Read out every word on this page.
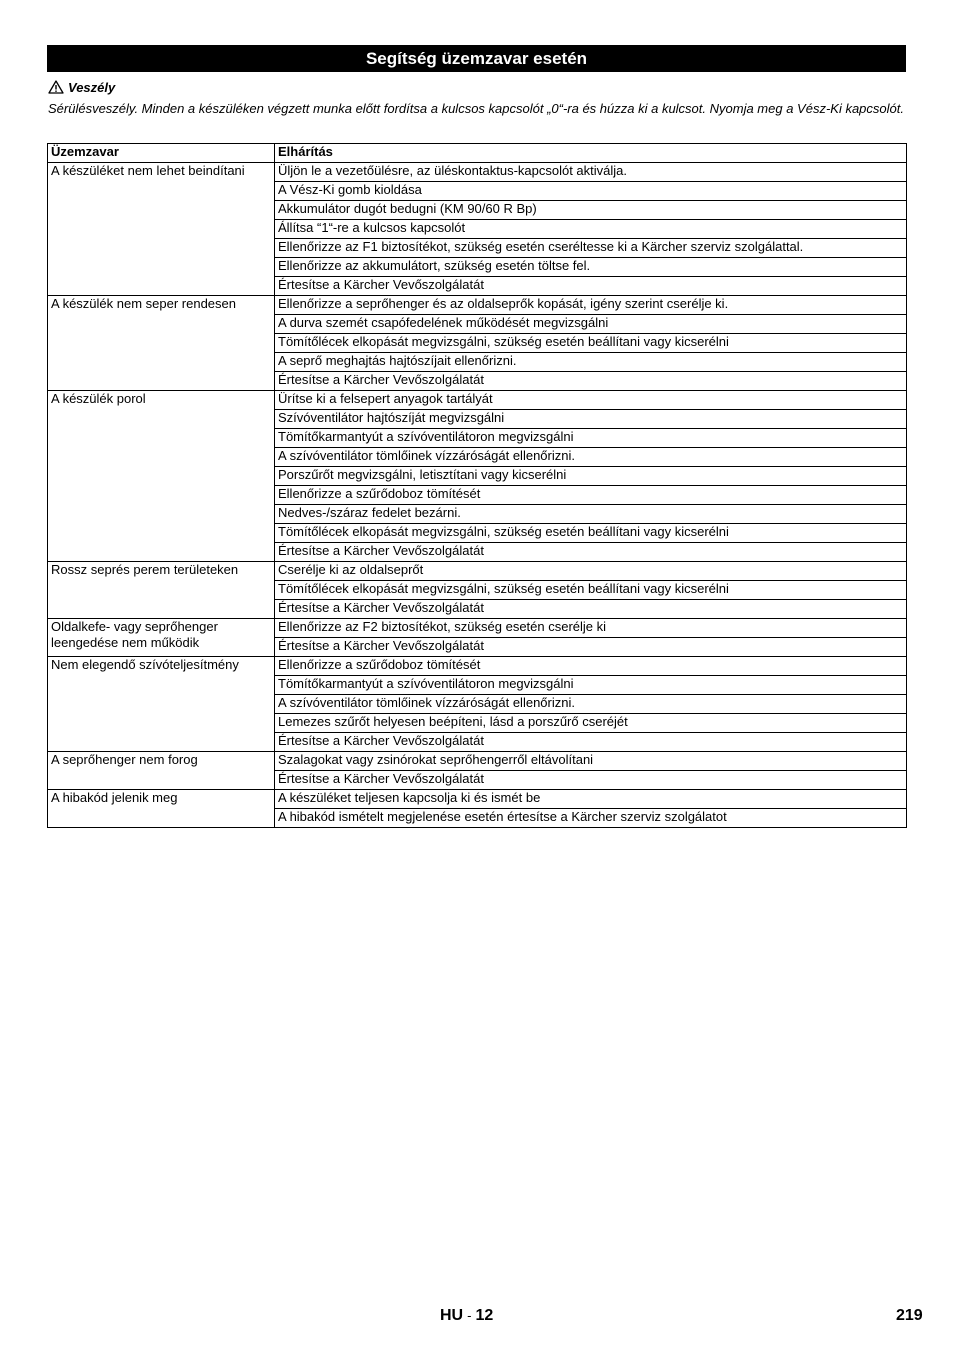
Segítség üzemzavar esetén
Veszély
Sérülésveszély. Minden a készüléken végzett munka előtt fordítsa a kulcsos kapcsolót „0“-ra és húzza ki a kulcsot. Nyomja meg a Vész-Ki kapcsolót.
Üzemzavar	Elhárítás
A készüléket nem lehet beindítani	Üljön le a vezetőülésre, az üléskontaktus-kapcsolót aktiválja.
	A Vész-Ki gomb kioldása
	Akkumulátor dugót bedugni (KM 90/60 R Bp)
	Állítsa “1“-re a kulcsos kapcsolót
	Ellenőrizze az F1 biztosítékot, szükség esetén cseréltesse ki a Kärcher szerviz szolgálattal.
	Ellenőrizze az akkumulátort, szükség esetén töltse fel.
	Értesítse a Kärcher Vevőszolgálatát
A készülék nem seper rendesen	Ellenőrizze a seprőhenger és az oldalseprők kopását, igény szerint cserélje ki.
	A durva szemét csapófedelének működését megvizsgálni
	Tömítőlécek elkopását megvizsgálni, szükség esetén beállítani vagy kicserélni
	A seprő meghajtás hajtószíjait ellenőrizni.
	Értesítse a Kärcher Vevőszolgálatát
A készülék porol	Ürítse ki a felsepert anyagok tartályát
	Szívóventilátor hajtószíját megvizsgálni
	Tömítőkarmantyút a szívóventilátoron megvizsgálni
	A szívóventilátor tömlőinek vízzáróságát ellenőrizni.
	Porszűrőt megvizsgálni, letisztítani vagy kicserélni
	Ellenőrizze a szűrődoboz tömítését
	Nedves-/száraz fedelet bezárni.
	Tömítőlécek elkopását megvizsgálni, szükség esetén beállítani vagy kicserélni
	Értesítse a Kärcher Vevőszolgálatát
Rossz seprés perem területeken	Cserélje ki az oldalseprőt
	Tömítőlécek elkopását megvizsgálni, szükség esetén beállítani vagy kicserélni
	Értesítse a Kärcher Vevőszolgálatát
Oldalkefe- vagy seprőhenger leengedése nem működik	Ellenőrizze az F2 biztosítékot, szükség esetén cserélje ki
	Értesítse a Kärcher Vevőszolgálatát
Nem elegendő szívóteljesítmény	Ellenőrizze a szűrődoboz tömítését
	Tömítőkarmantyút a szívóventilátoron megvizsgálni
	A szívóventilátor tömlőinek vízzáróságát ellenőrizni.
	Lemezes szűrőt helyesen beépíteni, lásd a porszűrő cseréjét
	Értesítse a Kärcher Vevőszolgálatát
A seprőhenger nem forog	Szalagokat vagy zsinórokat seprőhengerről eltávolítani
	Értesítse a Kärcher Vevőszolgálatát
A hibakód jelenik meg	A készüléket teljesen kapcsolja ki és ismét be
	A hibakód ismételt megjelenése esetén értesítse a Kärcher szerviz szolgálatot
HU - 12	219
